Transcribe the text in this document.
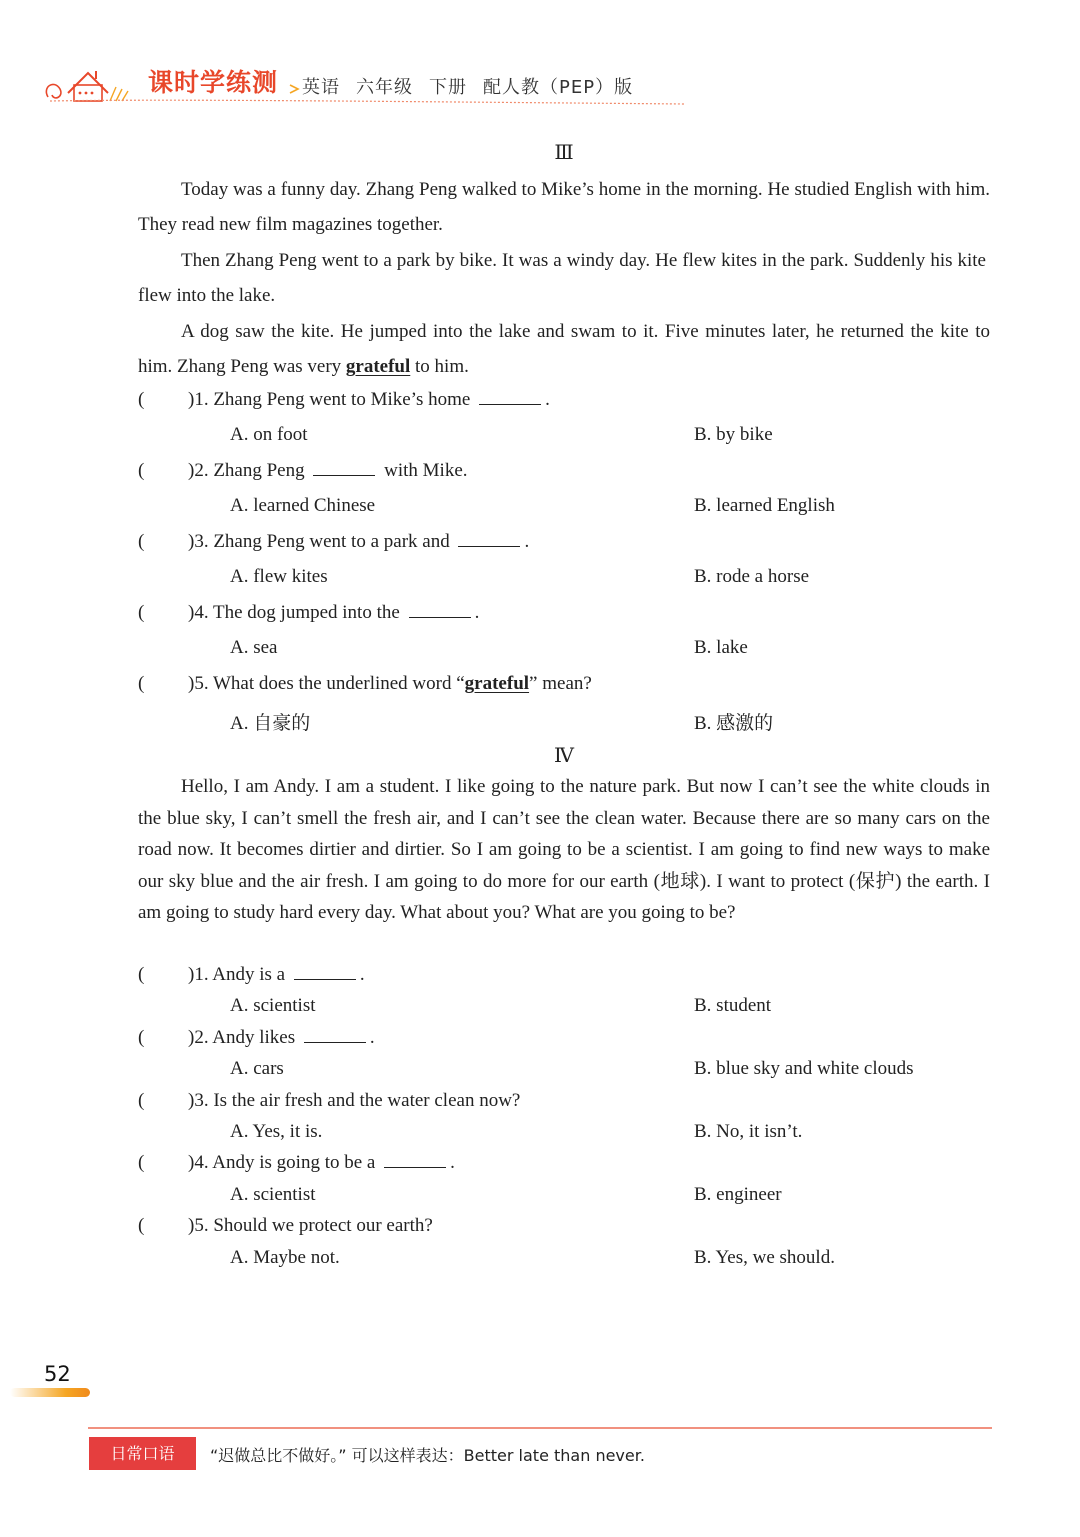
课时学练测 英语 六年级 下册 配人教（PEP）版
Ⅲ
Today was a funny day. Zhang Peng walked to Mike’s home in the morning. He studied English with him. They read new film magazines together.
Then Zhang Peng went to a park by bike. It was a windy day. He flew kites in the park. Suddenly his kite flew into the lake.
A dog saw the kite. He jumped into the lake and swam to it. Five minutes later, he returned the kite to him. Zhang Peng was very grateful to him.
( )1. Zhang Peng went to Mike’s home	.
A. on foot	B. by bike
( )2. Zhang Peng	with Mike.
A. learned Chinese	B. learned English
( )3. Zhang Peng went to a park and	.
A. flew kites	B. rode a horse
( )4. The dog jumped into the	.
A. sea	B. lake
( )5. What does the underlined word “grateful” mean?
A. 自豪的	B. 感激的
Ⅳ
Hello, I am Andy. I am a student. I like going to the nature park. But now I can’t see the white clouds in the blue sky, I can’t smell the fresh air, and I can’t see the clean water. Because there are so many cars on the road now. It becomes dirtier and dirtier. So I am going to be a scientist. I am going to find new ways to make our sky blue and the air fresh. I am going to do more for our earth (地球). I want to protect (保护) the earth. I am going to study hard every day. What about you? What are you going to be?
( )1. Andy is a	.
A. scientist	B. student
( )2. Andy likes	.
A. cars	B. blue sky and white clouds
( )3. Is the air fresh and the water clean now?
A. Yes, it is.	B. No, it isn’t.
( )4. Andy is going to be a	.
A. scientist	B. engineer
( )5. Should we protect our earth?
A. Maybe not.	B. Yes, we should.
52
日常口语	“迟做总比不做好。” 可以这样表达：Better late than never.
